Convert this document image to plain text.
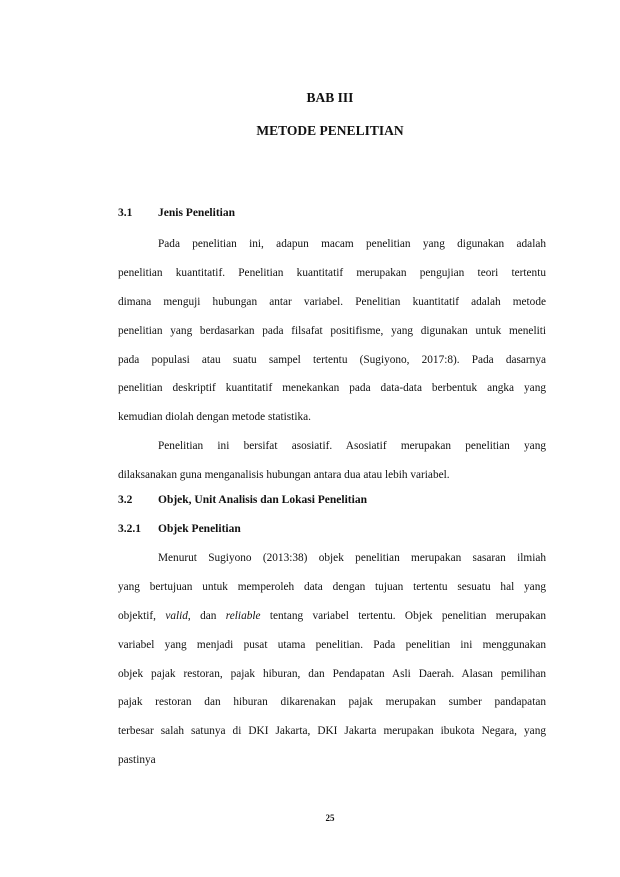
BAB III
METODE PENELITIAN
3.1 Jenis Penelitian
Pada penelitian ini, adapun macam penelitian yang digunakan adalah
penelitian kuantitatif. Penelitian kuantitatif merupakan pengujian teori tertentu
dimana menguji hubungan antar variabel. Penelitian kuantitatif adalah metode
penelitian yang berdasarkan pada filsafat positifisme, yang digunakan untuk meneliti
pada populasi atau suatu sampel tertentu (Sugiyono, 2017:8). Pada dasarnya
penelitian deskriptif kuantitatif menekankan pada data-data berbentuk angka yang
kemudian diolah dengan metode statistika.
Penelitian ini bersifat asosiatif. Asosiatif merupakan penelitian yang
dilaksanakan guna menganalisis hubungan antara dua atau lebih variabel.
3.2 Objek, Unit Analisis dan Lokasi Penelitian
3.2.1 Objek Penelitian
Menurut Sugiyono (2013:38) objek penelitian merupakan sasaran ilmiah
yang bertujuan untuk memperoleh data dengan tujuan tertentu sesuatu hal yang
objektif, valid, dan reliable tentang variabel tertentu. Objek penelitian merupakan
variabel yang menjadi pusat utama penelitian. Pada penelitian ini menggunakan
objek pajak restoran, pajak hiburan, dan Pendapatan Asli Daerah. Alasan pemilihan
pajak restoran dan hiburan dikarenakan pajak merupakan sumber pandapatan
terbesar salah satunya di DKI Jakarta, DKI Jakarta merupakan ibukota Negara, yang
pastinya
25
